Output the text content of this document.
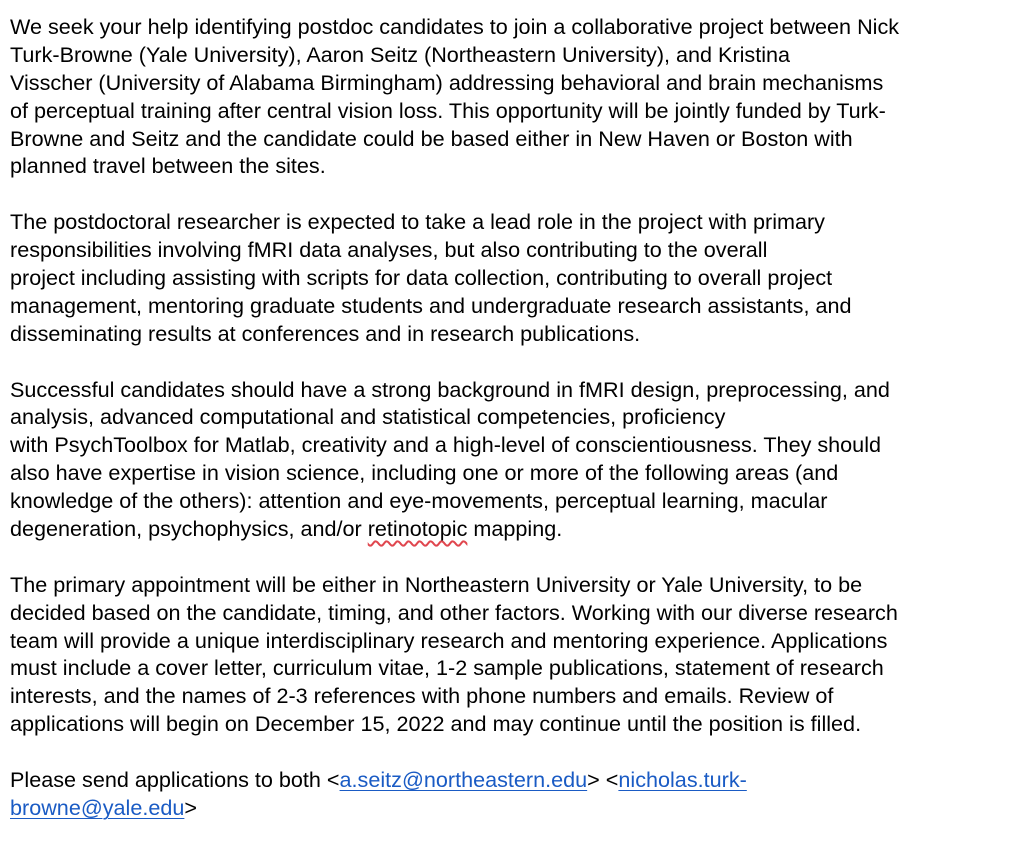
We seek your help identifying postdoc candidates to join a collaborative project between Nick
Turk-Browne (Yale University), Aaron Seitz (Northeastern University), and Kristina
Visscher (University of Alabama Birmingham) addressing behavioral and brain mechanisms
of perceptual training after central vision loss. This opportunity will be jointly funded by Turk-
Browne and Seitz and the candidate could be based either in New Haven or Boston with
planned travel between the sites.
The postdoctoral researcher is expected to take a lead role in the project with primary
responsibilities involving fMRI data analyses, but also contributing to the overall
project including assisting with scripts for data collection, contributing to overall project
management, mentoring graduate students and undergraduate research assistants, and
disseminating results at conferences and in research publications.
Successful candidates should have a strong background in fMRI design, preprocessing, and
analysis, advanced computational and statistical competencies, proficiency
with PsychToolbox for Matlab, creativity and a high-level of conscientiousness. They should
also have expertise in vision science, including one or more of the following areas (and
knowledge of the others): attention and eye-movements, perceptual learning, macular
degeneration, psychophysics, and/or retinotopic mapping.
The primary appointment will be either in Northeastern University or Yale University, to be
decided based on the candidate, timing, and other factors. Working with our diverse research
team will provide a unique interdisciplinary research and mentoring experience. Applications
must include a cover letter, curriculum vitae, 1-2 sample publications, statement of research
interests, and the names of 2-3 references with phone numbers and emails. Review of
applications will begin on December 15, 2022 and may continue until the position is filled.
Please send applications to both <a.seitz@northeastern.edu> <nicholas.turk-
browne@yale.edu>
